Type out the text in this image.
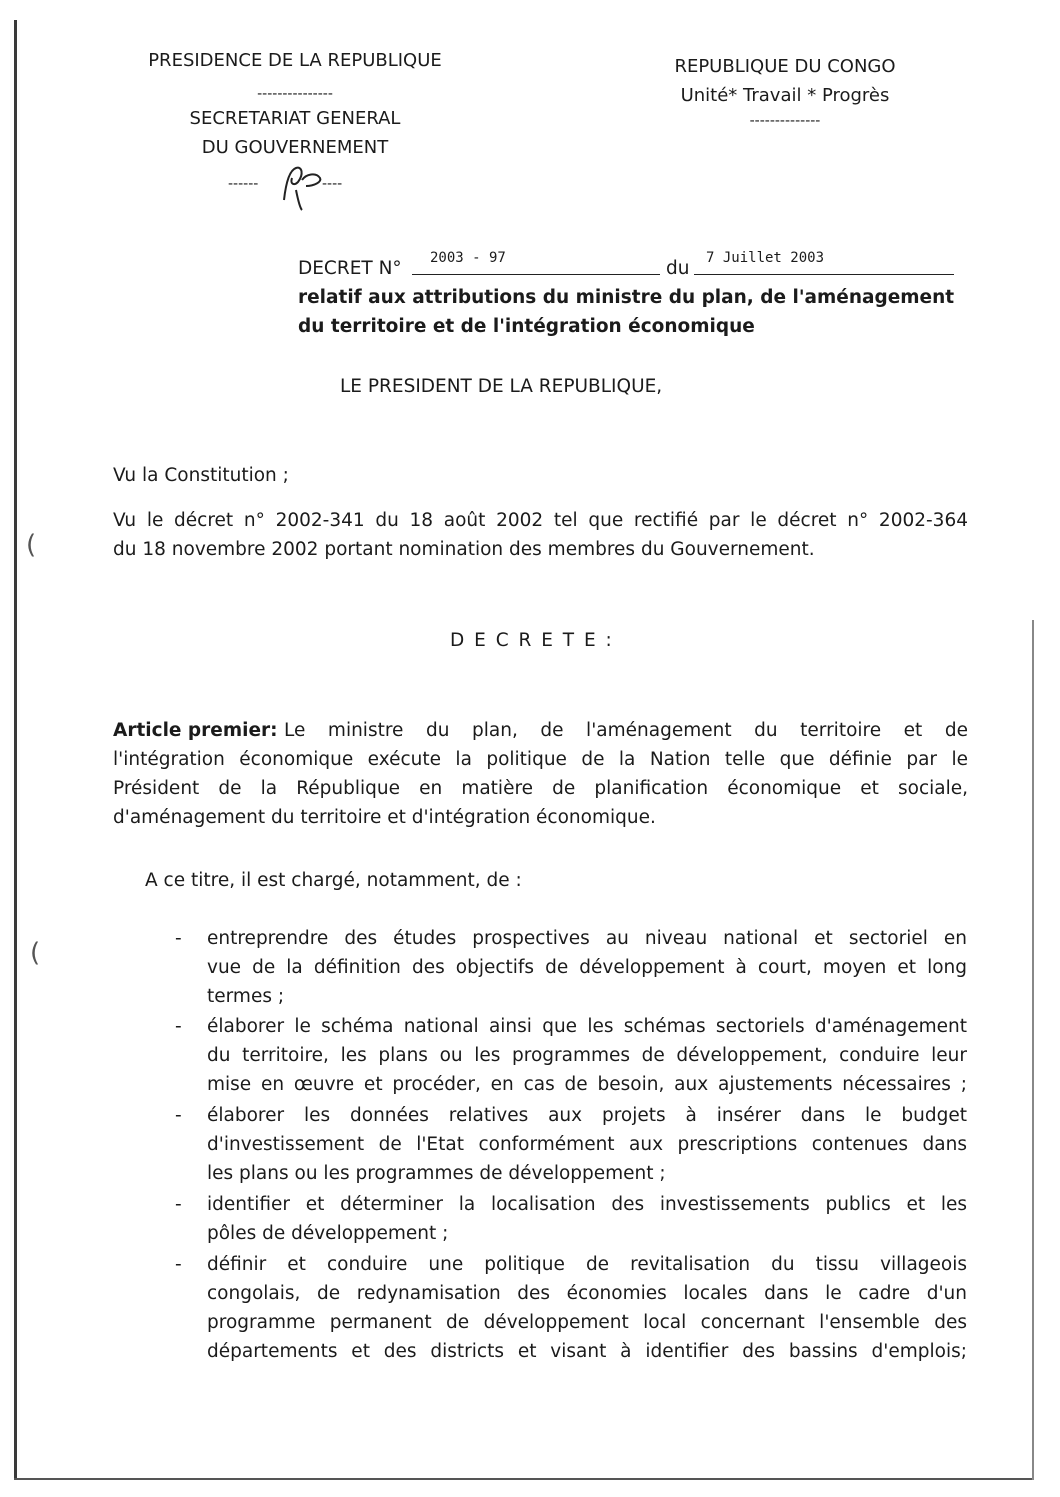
(
(
PRESIDENCE DE LA REPUBLIQUE
---------------
SECRETARIAT GENERAL
DU GOUVERNEMENT
------	----
REPUBLIQUE DU CONGO
Unité* Travail * Progrès
--------------
DECRET N° 2003 - 97	du 7 Juillet 2003
relatif aux attributions du ministre du plan, de l'aménagement
du territoire et de l'intégration économique
LE PRESIDENT DE LA REPUBLIQUE,
Vu la Constitution ;
Vu le décret n° 2002-341 du 18 août 2002 tel que rectifié par le décret n° 2002-364
du 18 novembre 2002 portant nomination des membres du Gouvernement.
D E C R E T E :
Article premier: Le ministre du plan, de l'aménagement du territoire et de
l'intégration économique exécute la politique de la Nation telle que définie par le
Président de la République en matière de planification économique et sociale,
d'aménagement du territoire et d'intégration économique.
A ce titre, il est chargé, notamment, de :
- entreprendre des études prospectives au niveau national et sectoriel en
vue de la définition des objectifs de développement à court, moyen et long
termes ;
- élaborer le schéma national ainsi que les schémas sectoriels d'aménagement
du territoire, les plans ou les programmes de développement, conduire leur
mise en œuvre et procéder, en cas de besoin, aux ajustements nécessaires ;
- élaborer les données relatives aux projets à insérer dans le budget
d'investissement de l'Etat conformément aux prescriptions contenues dans
les plans ou les programmes de développement ;
- identifier et déterminer la localisation des investissements publics et les
pôles de développement ;
- définir et conduire une politique de revitalisation du tissu villageois
congolais, de redynamisation des économies locales dans le cadre d'un
programme permanent de développement local concernant l'ensemble des
départements et des districts et visant à identifier des bassins d'emplois;
